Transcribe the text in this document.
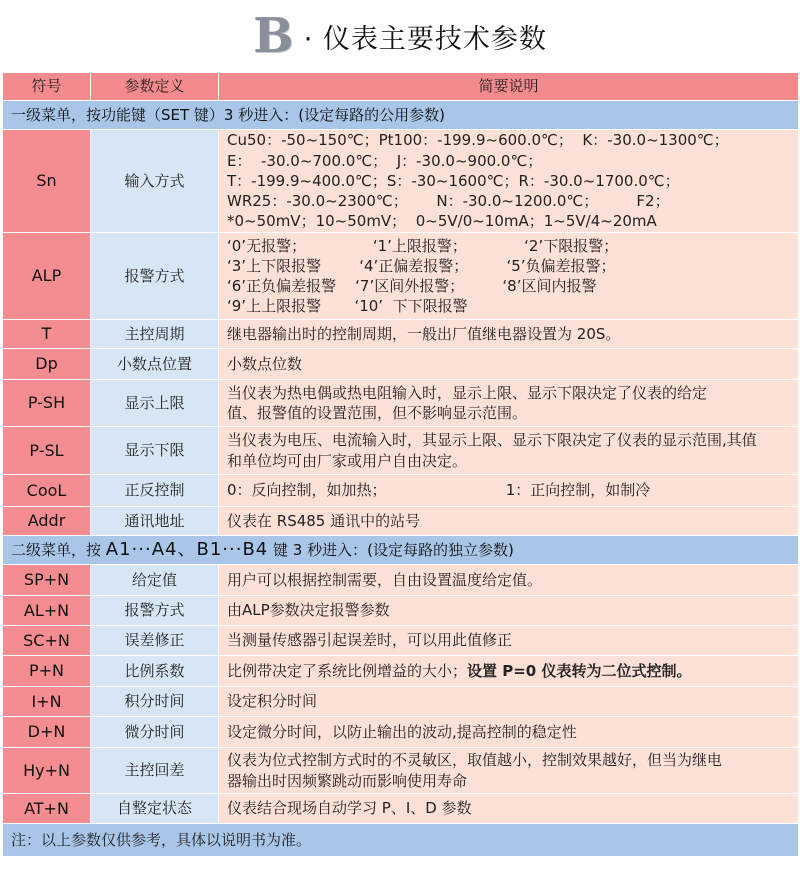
B · 仪表主要技术参数
符号	参数定义	简要说明
一级菜单，按功能键（SET 键）3 秒进入：(设定每路的公用参数)		
Sn	输入方式	Cu50：-50~150℃；Pt100：-199.9~600.0℃；  K：-30.0~1300℃；
E：  -30.0~700.0℃；  J：-30.0~900.0℃；
T：-199.9~400.0℃；S：-30~1600℃；R：-30.0~1700.0℃；
WR25：-30.0~2300℃；      N：-30.0~1200.0℃；        F2；
*0~50mV；10~50mV；  0~5V/0~10mA；1~5V/4~20mA

ALP	报警方式	‘0’无报警；              ‘1’上限报警；            ‘2’下限报警；
‘3’上下限报警        ‘4’正偏差报警；        ‘5’负偏差报警；
‘6’正负偏差报警    ‘7’区间外报警；        ‘8’区间内报警
‘9’上上限报警       ‘10’  下下限报警

T	主控周期	继电器输出时的控制周期，一般出厂值继电器设置为 20S。

Dp	小数点位置	小数点位数

P-SH	显示上限	当仪表为热电偶或热电阻输入时，显示上限、显示下限决定了仪表的给定
值、报警值的设置范围，但不影响显示范围。

P-SL	显示下限	当仪表为电压、电流输入时，其显示上限、显示下限决定了仪表的显示范围,其值
和单位均可由厂家或用户自由决定。

CooL	正反控制	0：反向控制，如加热；                         1：正向控制，如制冷

Addr	通讯地址	仪表在 RS485 通讯中的站号

二级菜单，按 A1···A4、B1···B4 键 3 秒进入：(设定每路的独立参数)		
SP+N	给定值	用户可以根据控制需要，自由设置温度给定值。
AL+N	报警方式	由ALP参数决定报警参数
SC+N	误差修正	当测量传感器引起误差时，可以用此值修正
P+N	比例系数	比例带决定了系统比例增益的大小；设置 P=0 仪表转为二位式控制。
I+N	积分时间	设定积分时间
D+N	微分时间	设定微分时间，以防止输出的波动,提高控制的稳定性
Hy+N	主控回差	仪表为位式控制方式时的不灵敏区，取值越小，控制效果越好，但当为继电
器输出时因频繁跳动而影响使用寿命

AT+N	自整定状态	仪表结合现场自动学习 P、I、D 参数
注：以上参数仅供参考，具体以说明书为准。		
